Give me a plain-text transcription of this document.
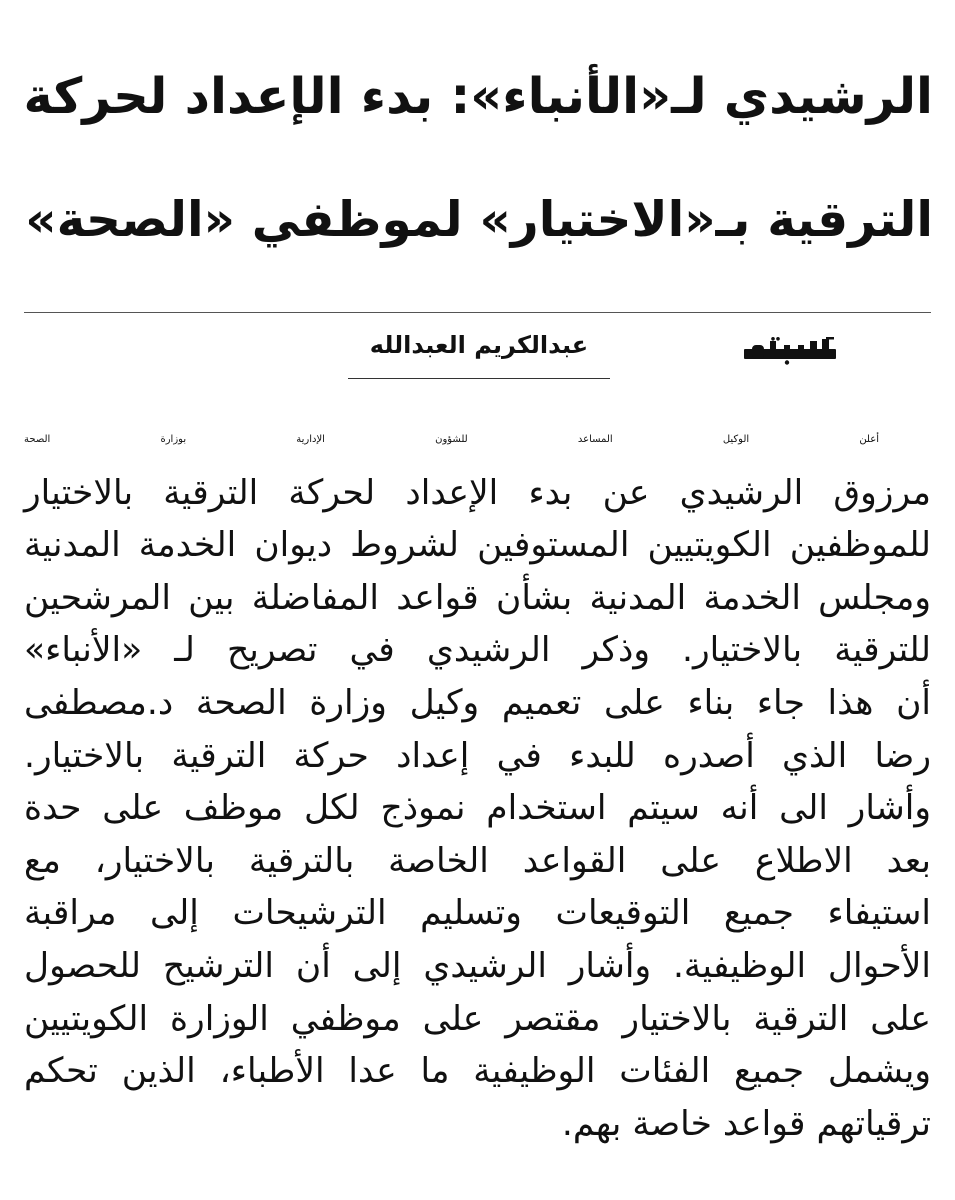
الرشيدي لـ«الأنباء»: بدء الإعداد لحركة
الترقية بـ«الاختيار» لموظفي «الصحة»
عبدالكريم العبدالله
أعلن الوكيل المساعد للشؤون الإدارية بوزارة الصحة
مرزوق الرشيدي عن بدء الإعداد لحركة الترقية بالاختيار
للموظفين الكويتيين المستوفين لشروط ديوان الخدمة المدنية
ومجلس الخدمة المدنية بشأن قواعد المفاضلة بين المرشحين
للترقية بالاختيار. وذكر الرشيدي في تصريح لـ «الأنباء»
أن هذا جاء بناء على تعميم وكيل وزارة الصحة د.مصطفى
رضا الذي أصدره للبدء في إعداد حركة الترقية بالاختيار.
وأشار الى أنه سيتم استخدام نموذج لكل موظف على حدة
بعد الاطلاع على القواعد الخاصة بالترقية بالاختيار، مع
استيفاء جميع التوقيعات وتسليم الترشيحات إلى مراقبة
الأحوال الوظيفية. وأشار الرشيدي إلى أن الترشيح للحصول
على الترقية بالاختيار مقتصر على موظفي الوزارة الكويتيين
ويشمل جميع الفئات الوظيفية ما عدا الأطباء، الذين تحكم
ترقياتهم قواعد خاصة بهم.
